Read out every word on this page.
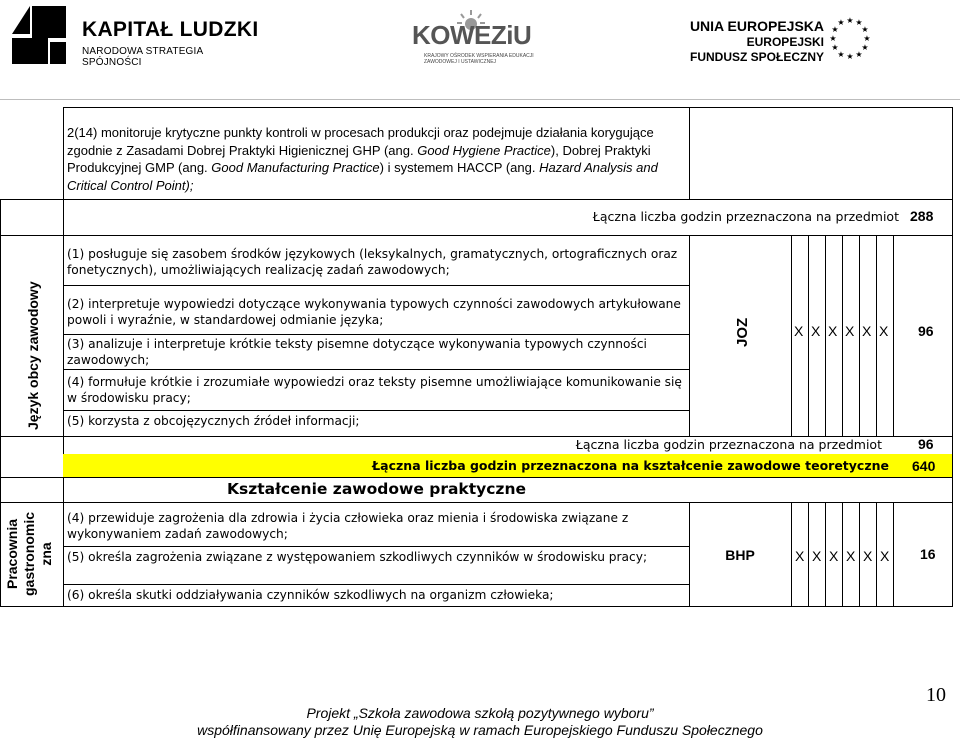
KAPITAŁ LUDZKI
NARODOWA STRATEGIA SPÓJNOŚCI
KOWEZiU
KRAJOWY OŚRODEK WSPIERANIA EDUKACJI ZAWODOWEJ I USTAWICZNEJ
UNIA EUROPEJSKA
EUROPEJSKI
FUNDUSZ SPOŁECZNY
★ ★
★
★
★
★
★
★
★
★
★
★
2(14) monitoruje krytyczne punkty kontroli w procesach produkcji oraz podejmuje działania korygujące zgodnie z Zasadami Dobrej Praktyki Higienicznej GHP (ang. Good Hygiene Practice), Dobrej Praktyki Produkcyjnej GMP (ang. Good Manufacturing Practice) i systemem HACCP (ang. Hazard Analysis and Critical Control Point);
Łączna liczba godzin przeznaczona na przedmiot 288
Język obcy zawodowy
(1) posługuje się zasobem środków językowych (leksykalnych, gramatycznych, ortograficznych oraz fonetycznych), umożliwiających realizację zadań zawodowych;
(2) interpretuje wypowiedzi dotyczące wykonywania typowych czynności zawodowych artykułowane powoli i wyraźnie, w standardowej odmianie języka;
(3) analizuje i interpretuje krótkie teksty pisemne dotyczące wykonywania typowych czynności zawodowych;
(4) formułuje krótkie i zrozumiałe wypowiedzi oraz teksty pisemne umożliwiające komunikowanie się w środowisku pracy;
(5) korzysta z obcojęzycznych źródeł informacji;
JOZ	X X X X X X 96
Łączna liczba godzin przeznaczona na przedmiot	96
Łączna liczba godzin przeznaczona na kształcenie zawodowe teoretyczne 640
Kształcenie zawodowe praktyczne
Pracownia gastronomic zna
(4) przewiduje zagrożenia dla zdrowia i życia człowieka oraz mienia i środowiska związane z wykonywaniem zadań zawodowych;
(5) określa zagrożenia związane z występowaniem szkodliwych czynników w środowisku pracy;
(6) określa skutki oddziaływania czynników szkodliwych na organizm człowieka;
BHP	X X X X X X 16
10
Projekt „Szkoła zawodowa szkołą pozytywnego wyboru”
współfinansowany przez Unię Europejską w ramach Europejskiego Funduszu Społecznego
